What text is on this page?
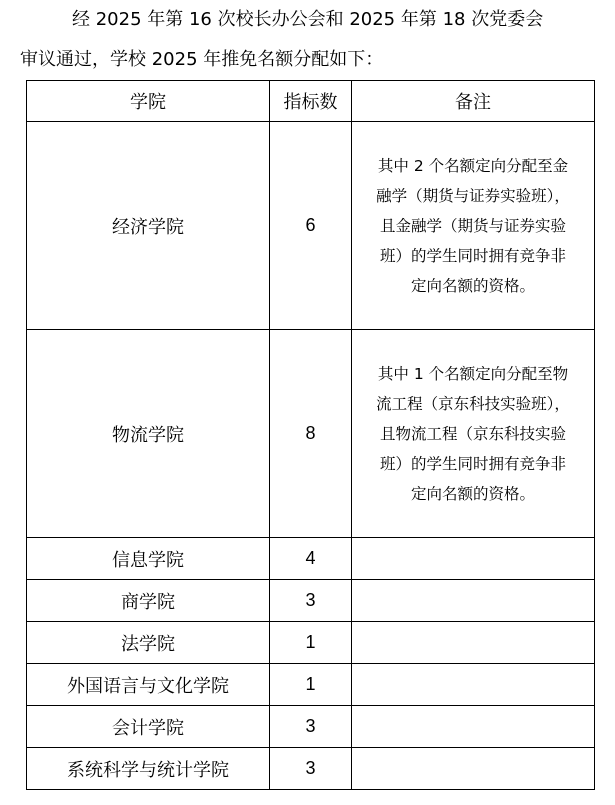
经 2025 年第 16 次校长办公会和 2025 年第 18 次党委会
审议通过，学校 2025 年推免名额分配如下：
学院	指标数	备注
经济学院	6	其中 2 个名额定向分配至金
融学（期货与证券实验班），
且金融学（期货与证券实验
班）的学生同时拥有竞争非
定向名额的资格。

物流学院	8	其中 1 个名额定向分配至物
流工程（京东科技实验班），
且物流工程（京东科技实验
班）的学生同时拥有竞争非
定向名额的资格。

信息学院	4	
商学院	3	
法学院	1	
外国语言与文化学院	1	
会计学院	3	
系统科学与统计学院	3	
